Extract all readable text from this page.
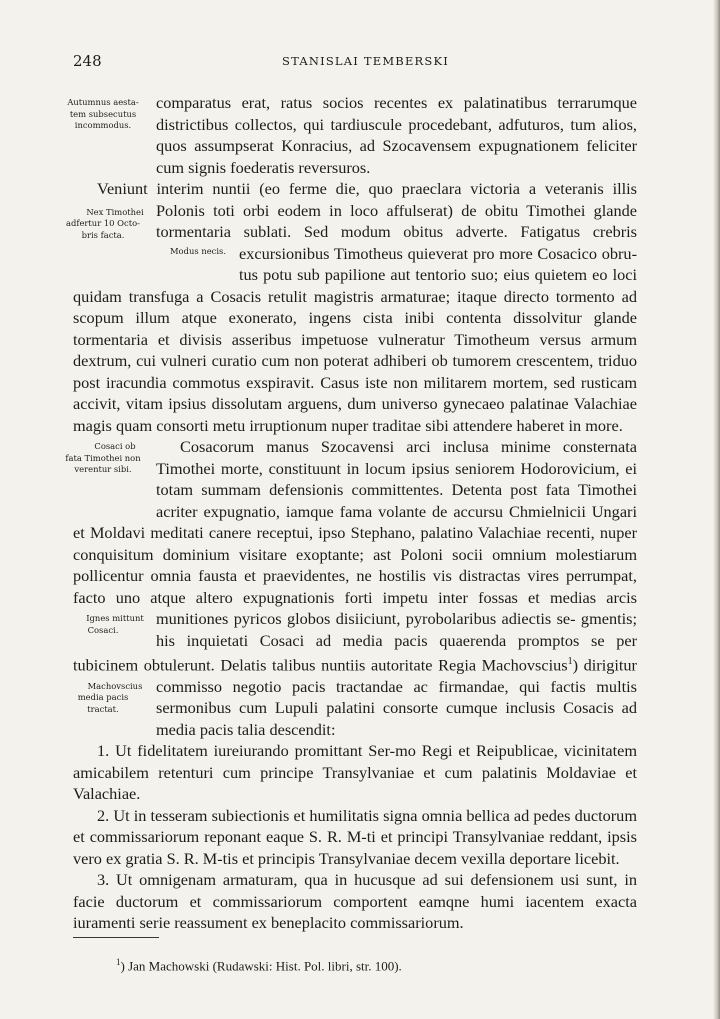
248	STANISLAI TEMBERSKI

Autumnus aesta-tem subsecutus incommodus.
comparatus erat, ratus socios recentes ex palatinatibus terrarumque districtibus collectos, qui tardiuscule procedebant, adfuturos, tum alios, quos assumpserat Konracius, ad Szocavensem expugnationem feliciter cum signis foederatis reversuros.

Veniunt interim nuntii (eo ferme die, quo praeclara victoria a veteranis
Nex Timothei adfertur 10 Octo-bris facta.
illis Polonis toti orbi eodem in loco affulserat) de obitu Timothei glande tormentaria sublati. Sed modum obitus adverte. Fatigatus crebris excursionibus Timotheus quieverat pro more Cosacico obru-
Modus necis.
tus potu sub papilione aut tentorio suo; eius quietem eo loci quidam transfuga a Cosacis retulit magistris armaturae; itaque directo tormento ad scopum illum atque exonerato, ingens cista inibi contenta dissolvitur glande tormentaria et divisis asseribus impetuose vulneratur Timotheum versus armum dextrum, cui vulneri curatio cum non poterat adhiberi ob tumorem crescentem, triduo post iracundia commotus exspiravit. Casus iste non militarem mortem, sed rusticam accivit, vitam ipsius dissolutam arguens, dum universo gynecaeo palatinae Valachiae magis quam consorti metu irruptionum nuper traditae sibi attendere haberet in more.

Cosaci ob fata Timothei non verentur sibi.
Cosacorum manus Szocavensi arci inclusa minime consternata Timothei morte, constituunt in locum ipsius seniorem Hodorovicium, ei totam summam defensionis committentes. Detenta post fata Timothei acriter expugnatio, iamque fama volante de accursu Chmielnicii Ungari et Moldavi meditati canere receptui, ipso Stephano, palatino Valachiae recenti, nuper conquisitum dominium visitare exoptante; ast Poloni socii omnium molestiarum pollicentur omnia fausta et praevidentes, ne hostilis vis distractas vires perrumpat, facto uno atque altero expugnationis forti impetu inter fossas et medias arcis munitiones pyricos globos disiiciunt, pyrobolaribus adiectis se-
Ignes mittunt Cosaci.
gmentis; his inquietati Cosaci ad media pacis quaerenda promptos se per tubicinem obtulerunt. Delatis talibus nuntiis autoritate Regia Machovscius$^1$) dirigitur commisso negotio pacis tractandae ac firmandae, qui
Machovscius media pacis tractat.
factis multis sermonibus cum Lupuli palatini consorte cumque inclusis Cosacis ad media pacis talia descendit:

1. Ut fidelitatem iureiurando promittant Ser-mo Regi et Reipublicae, vicinitatem amicabilem retenturi cum principe Transylvaniae et cum palatinis Moldaviae et Valachiae.

2. Ut in tesseram subiectionis et humilitatis signa omnia bellica ad pedes ductorum et commissariorum reponant eaque S. R. M-ti et principi Transylvaniae reddant, ipsis vero ex gratia S. R. M-tis et principis Transylvaniae decem vexilla deportare licebit.

3. Ut omnigenam armaturam, qua in hucusque ad sui defensionem usi sunt, in facie ductorum et commissariorum comportent eamqne humi iacentem exacta iuramenti serie reassument ex beneplacito commissariorum.

$^1$) Jan Machowski (Rudawski: Hist. Pol. libri, str. 100).
